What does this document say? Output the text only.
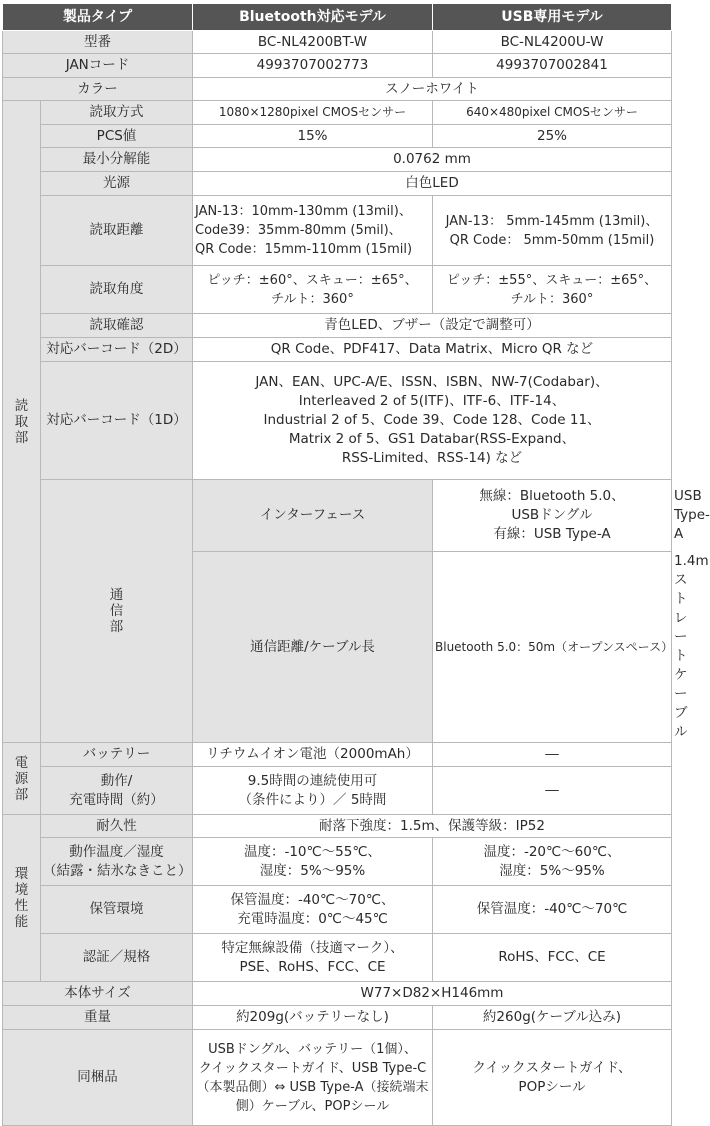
製品タイプ		Bluetooth対応モデル	USB専用モデル	
型番		BC-NL4200BT-W	BC-NL4200U-W	
JANコード		4993707002773	4993707002841	
カラー		スノーホワイト		
読
取
部	読取方式	1080×1280pixel CMOSセンサー	640×480pixel CMOSセンサー	
	PCS値	15%	25%	
	最小分解能	0.0762 mm		
	光源	白色LED		
	読取距離	JAN-13：10mm-130mm (13mil)、
Code39：35mm-80mm (5mil)、
QR Code：15mm-110mm (15mil)	JAN-13： 5mm-145mm (13mil)、
QR Code： 5mm-50mm (15mil)	
	読取角度	ピッチ：±60°、スキュー：±65°、
チルト：360°	ピッチ：±55°、スキュー：±65°、
チルト：360°	
	読取確認	青色LED、ブザー（設定で調整可）		
	対応バーコード（2D）	QR Code、PDF417、Data Matrix、Micro QR など		
	対応バーコード（1D）	JAN、EAN、UPC-A/E、ISSN、ISBN、NW-7(Codabar)、
Interleaved 2 of 5(ITF)、ITF-6、ITF-14、
Industrial 2 of 5、Code 39、Code 128、Code 11、
Matrix 2 of 5、GS1 Databar(RSS-Expand、
RSS-Limited、RSS-14) など		
	通
信
部	インターフェース	無線：Bluetooth 5.0、
USBドングル
有線：USB Type-A	USB Type-A
		通信距離/ケーブル長	Bluetooth 5.0：50m（オープンスペース）	1.4m ストレートケーブル
電
源
部	バッテリー	リチウムイオン電池（2000mAh）	―
	動作/
充電時間（約）	9.5時間の連続使用可
（条件により）／ 5時間	―
環
境
性
能	耐久性	耐落下強度：1.5m、保護等級：IP52	
	動作温度／湿度
（結露・結氷なきこと）	温度：-10℃～55℃、
湿度：5%～95%	温度：-20℃～60℃、
湿度：5%～95%
	保管環境	保管温度：-40℃～70℃、
充電時温度：0℃～45℃	保管温度：-40℃～70℃
	認証／規格	特定無線設備（技適マーク）、
PSE、RoHS、FCC、CE	RoHS、FCC、CE
本体サイズ		W77×D82×H146mm	
重量		約209g(バッテリーなし)	約260g(ケーブル込み)
同梱品		USBドングル、バッテリー（1個）、
クイックスタートガイド、USB Type-C
（本製品側）⇔ USB Type-A（接続端末
側）ケーブル、POPシール	クイックスタートガイド、
POPシール
